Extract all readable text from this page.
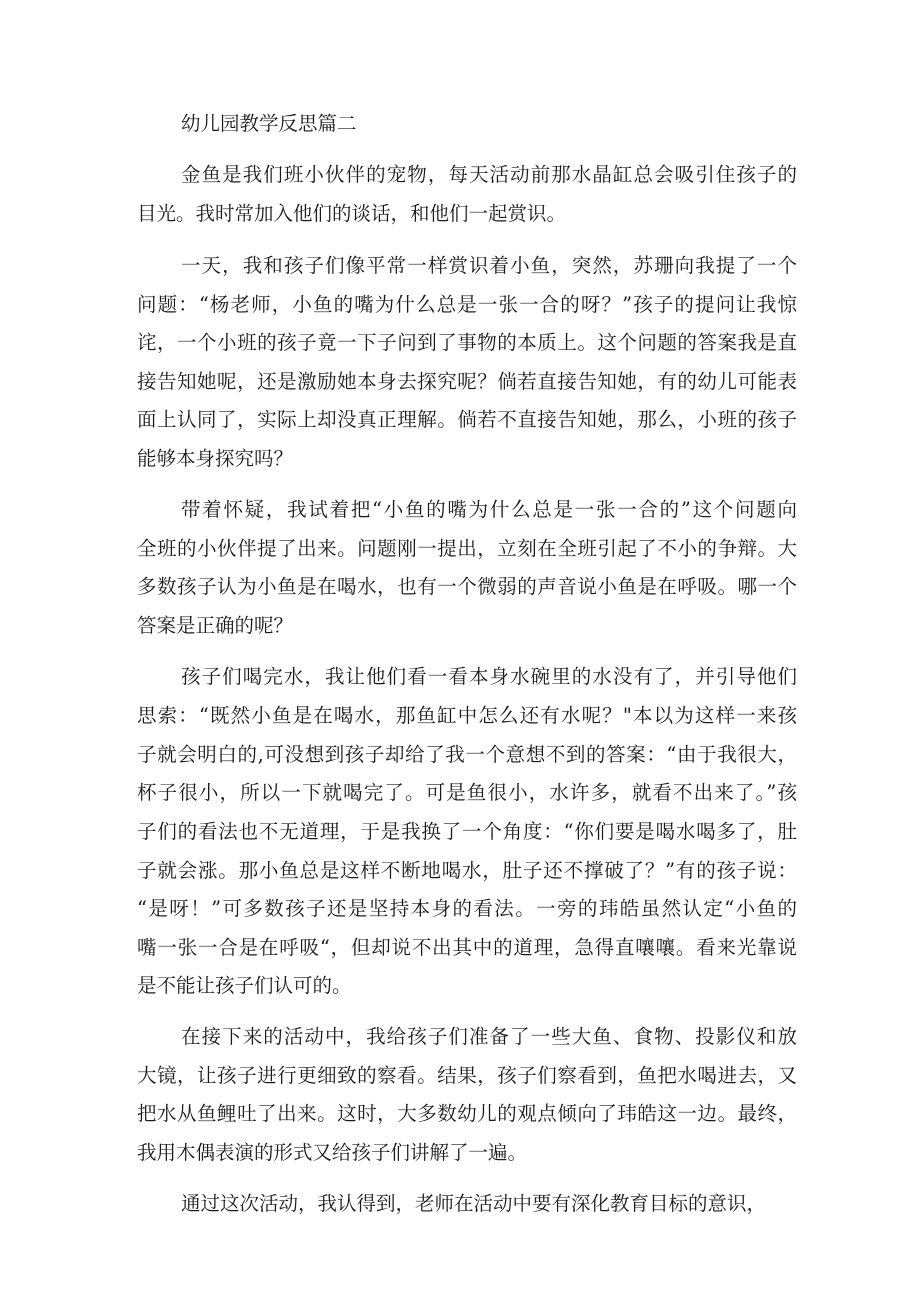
幼儿园教学反思篇二
金鱼是我们班小伙伴的宠物，每天活动前那水晶缸总会吸引住孩子的
目光。我时常加入他们的谈话，和他们一起赏识。
一天，我和孩子们像平常一样赏识着小鱼，突然，苏珊向我提了一个
问题：“杨老师，小鱼的嘴为什么总是一张一合的呀？”孩子的提问让我惊
诧，一个小班的孩子竟一下子问到了事物的本质上。这个问题的答案我是直
接告知她呢，还是激励她本身去探究呢？倘若直接告知她，有的幼儿可能表
面上认同了，实际上却没真正理解。倘若不直接告知她，那么，小班的孩子
能够本身探究吗？
带着怀疑，我试着把“小鱼的嘴为什么总是一张一合的”这个问题向
全班的小伙伴提了出来。问题刚一提出，立刻在全班引起了不小的争辩。大
多数孩子认为小鱼是在喝水，也有一个微弱的声音说小鱼是在呼吸。哪一个
答案是正确的呢？
孩子们喝完水，我让他们看一看本身水碗里的水没有了，并引导他们
思索：“既然小鱼是在喝水，那鱼缸中怎么还有水呢？"本以为这样一来孩
子就会明白的,可没想到孩子却给了我一个意想不到的答案：“由于我很大，
杯子很小，所以一下就喝完了。可是鱼很小，水许多，就看不出来了。”孩
子们的看法也不无道理，于是我换了一个角度：“你们要是喝水喝多了，肚
子就会涨。那小鱼总是这样不断地喝水，肚子还不撑破了？”有的孩子说：
“是呀！”可多数孩子还是坚持本身的看法。一旁的玮皓虽然认定“小鱼的
嘴一张一合是在呼吸“，但却说不出其中的道理，急得直嚷嚷。看来光靠说
是不能让孩子们认可的。
在接下来的活动中，我给孩子们准备了一些大鱼、食物、投影仪和放
大镜，让孩子进行更细致的察看。结果，孩子们察看到，鱼把水喝进去，又
把水从鱼鲤吐了出来。这时，大多数幼儿的观点倾向了玮皓这一边。最终，
我用木偶表演的形式又给孩子们讲解了一遍。
通过这次活动，我认得到，老师在活动中要有深化教育目标的意识，
